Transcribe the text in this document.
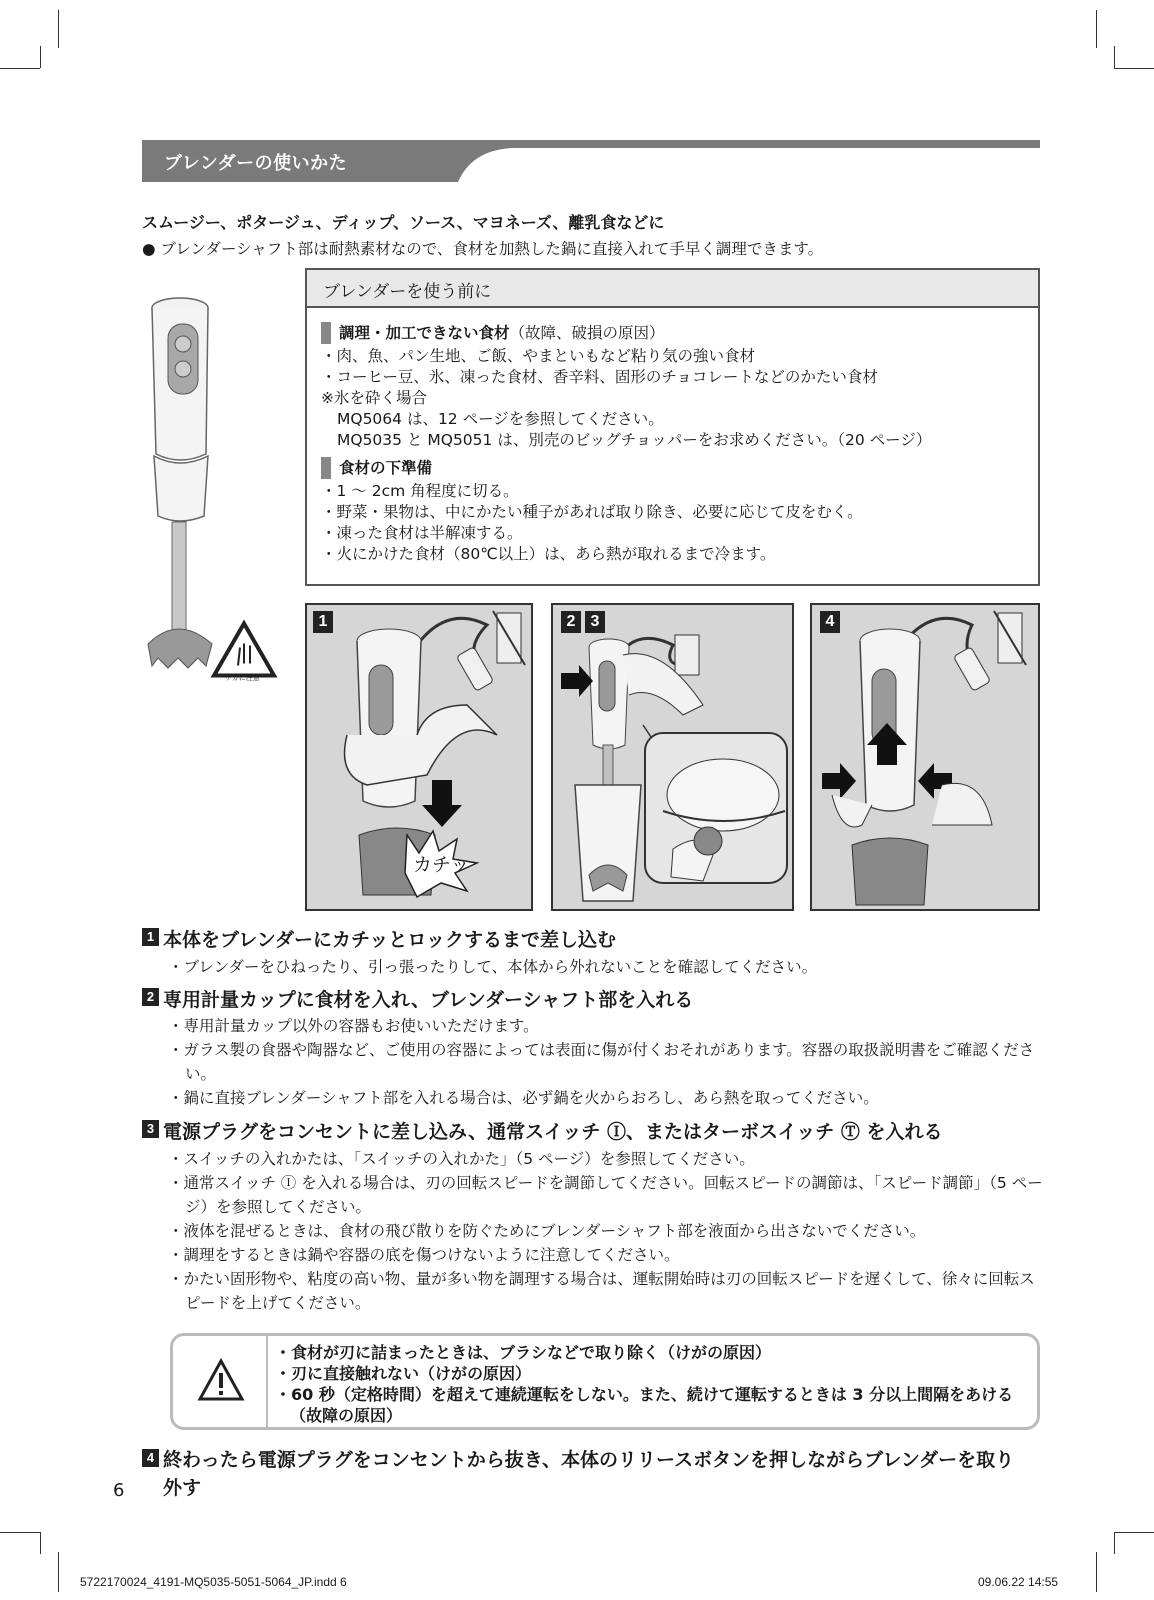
ブレンダーの使いかた
スムージー、ポタージュ、ディップ、ソース、マヨネーズ、離乳食などに
● ブレンダーシャフト部は耐熱素材なので、食材を加熱した鍋に直接入れて手早く調理できます。
ケガに注意
ブレンダーを使う前に
調理・加工できない食材 （故障、破損の原因）
・肉、魚、パン生地、ご飯、やまといもなど粘り気の強い食材
・コーヒー豆、氷、凍った食材、香辛料、固形のチョコレートなどのかたい食材
※氷を砕く場合
MQ5064 は、12 ページを参照してください。
MQ5035 と MQ5051 は、別売のビッグチョッパーをお求めください。（20 ページ）
食材の下準備
・1 〜 2cm 角程度に切る。
・野菜・果物は、中にかたい種子があれば取り除き、必要に応じて皮をむく。
・凍った食材は半解凍する。
・火にかけた食材（80℃以上）は、あら熱が取れるまで冷ます。
1
カチッ
2 3	4
1 本体をブレンダーにカチッとロックするまで差し込む
・ブレンダーをひねったり、引っ張ったりして、本体から外れないことを確認してください。
2 専用計量カップに食材を入れ、ブレンダーシャフト部を入れる
・専用計量カップ以外の容器もお使いいただけます。
・ガラス製の食器や陶器など、ご使用の容器によっては表面に傷が付くおそれがあります。容器の取扱説明書をご確認ください。
・鍋に直接ブレンダーシャフト部を入れる場合は、必ず鍋を火からおろし、あら熱を取ってください。
3 電源プラグをコンセントに差し込み、通常スイッチ Ⓘ、またはターボスイッチ Ⓣ を入れる
・スイッチの入れかたは、「スイッチの入れかた」（5 ページ）を参照してください。
・通常スイッチ Ⓘ を入れる場合は、刃の回転スピードを調節してください。回転スピードの調節は、「スピード調節」（5 ページ）を参照してください。
・液体を混ぜるときは、食材の飛び散りを防ぐためにブレンダーシャフト部を液面から出さないでください。
・調理をするときは鍋や容器の底を傷つけないように注意してください。
・かたい固形物や、粘度の高い物、量が多い物を調理する場合は、運転開始時は刃の回転スピードを遅くして、徐々に回転スピードを上げてください。
・食材が刃に詰まったときは、ブラシなどで取り除く（けがの原因）
・刃に直接触れない（けがの原因）
・60 秒（定格時間）を超えて連続運転をしない。また、続けて運転するときは 3 分以上間隔をあける（故障の原因）
4 終わったら電源プラグをコンセントから抜き、本体のリリースボタンを押しながらブレンダーを取り外す
6
5722170024_4191-MQ5035-5051-5064_JP.indd 6	09.06.22 14:55
